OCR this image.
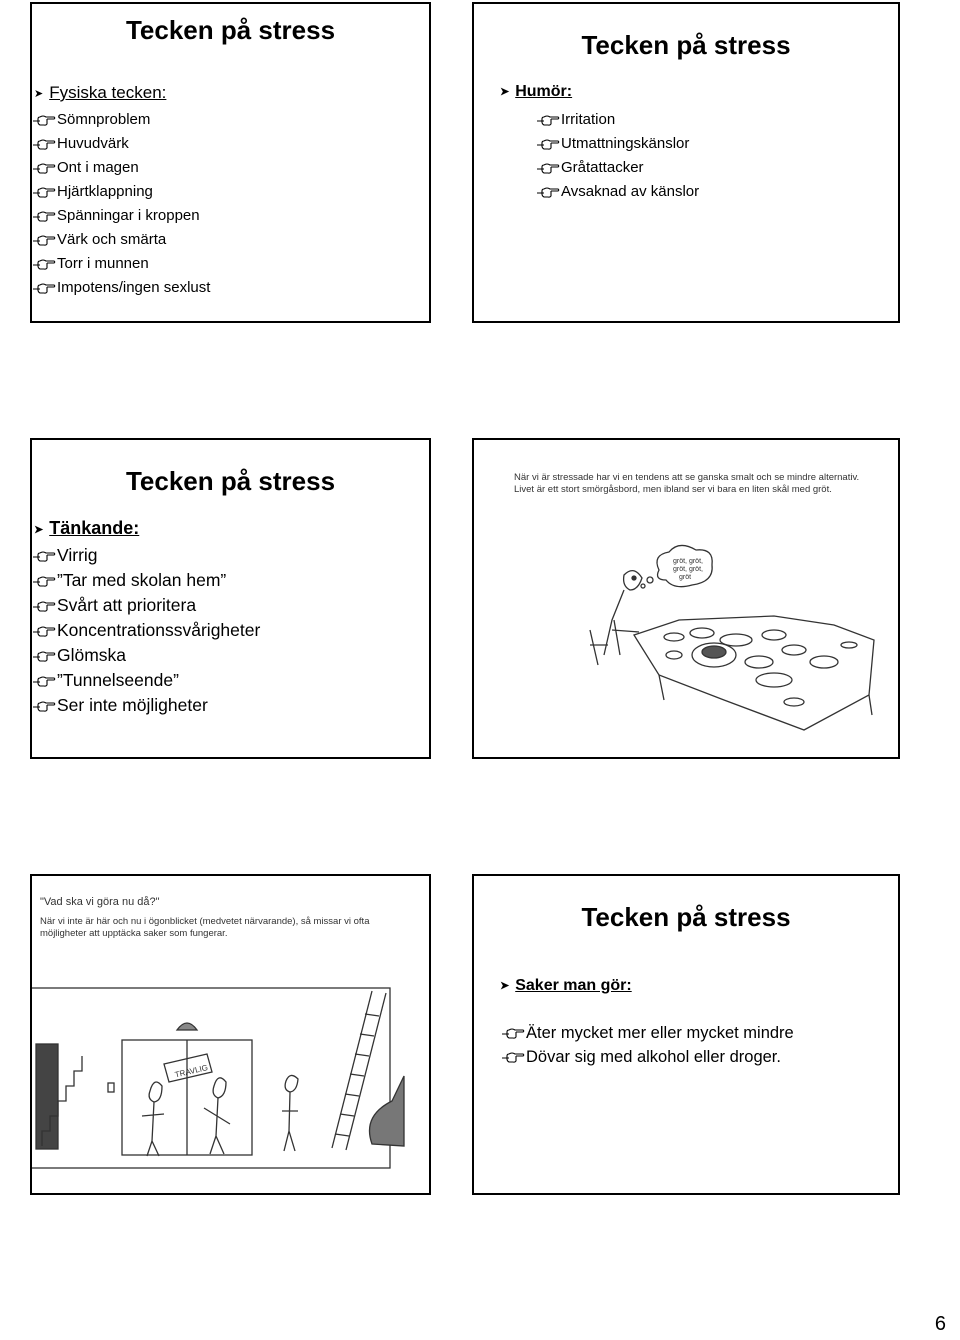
Tecken på stress
➤ Fysiska tecken:
Sömnproblem
Huvudvärk
Ont i magen
Hjärtklappning
Spänningar i kroppen
Värk och smärta
Torr i munnen
Impotens/ingen sexlust
Tecken på stress
➤ Humör:
Irritation
Utmattningskänslor
Gråtattacker
Avsaknad av känslor
Tecken på stress
➤ Tänkande:
Virrig
”Tar med skolan hem”
Svårt att prioritera
Koncentrationssvårigheter
Glömska
”Tunnelseende”
Ser inte möjligheter
När vi är stressade har vi en tendens att se ganska smalt och se mindre alternativ. Livet är ett stort smörgåsbord, men ibland ser vi bara en liten skål med gröt.
gröt, gröt, gröt, gröt, gröt
"Vad ska vi göra nu då?"
När vi inte är här och nu i ögonblicket (medvetet närvarande), så missar vi ofta möjligheter att upptäcka saker som fungerar.
TRAVLIG
Tecken på stress
➤ Saker man gör:
Äter mycket mer eller mycket mindre
Dövar sig med alkohol eller droger.
6
